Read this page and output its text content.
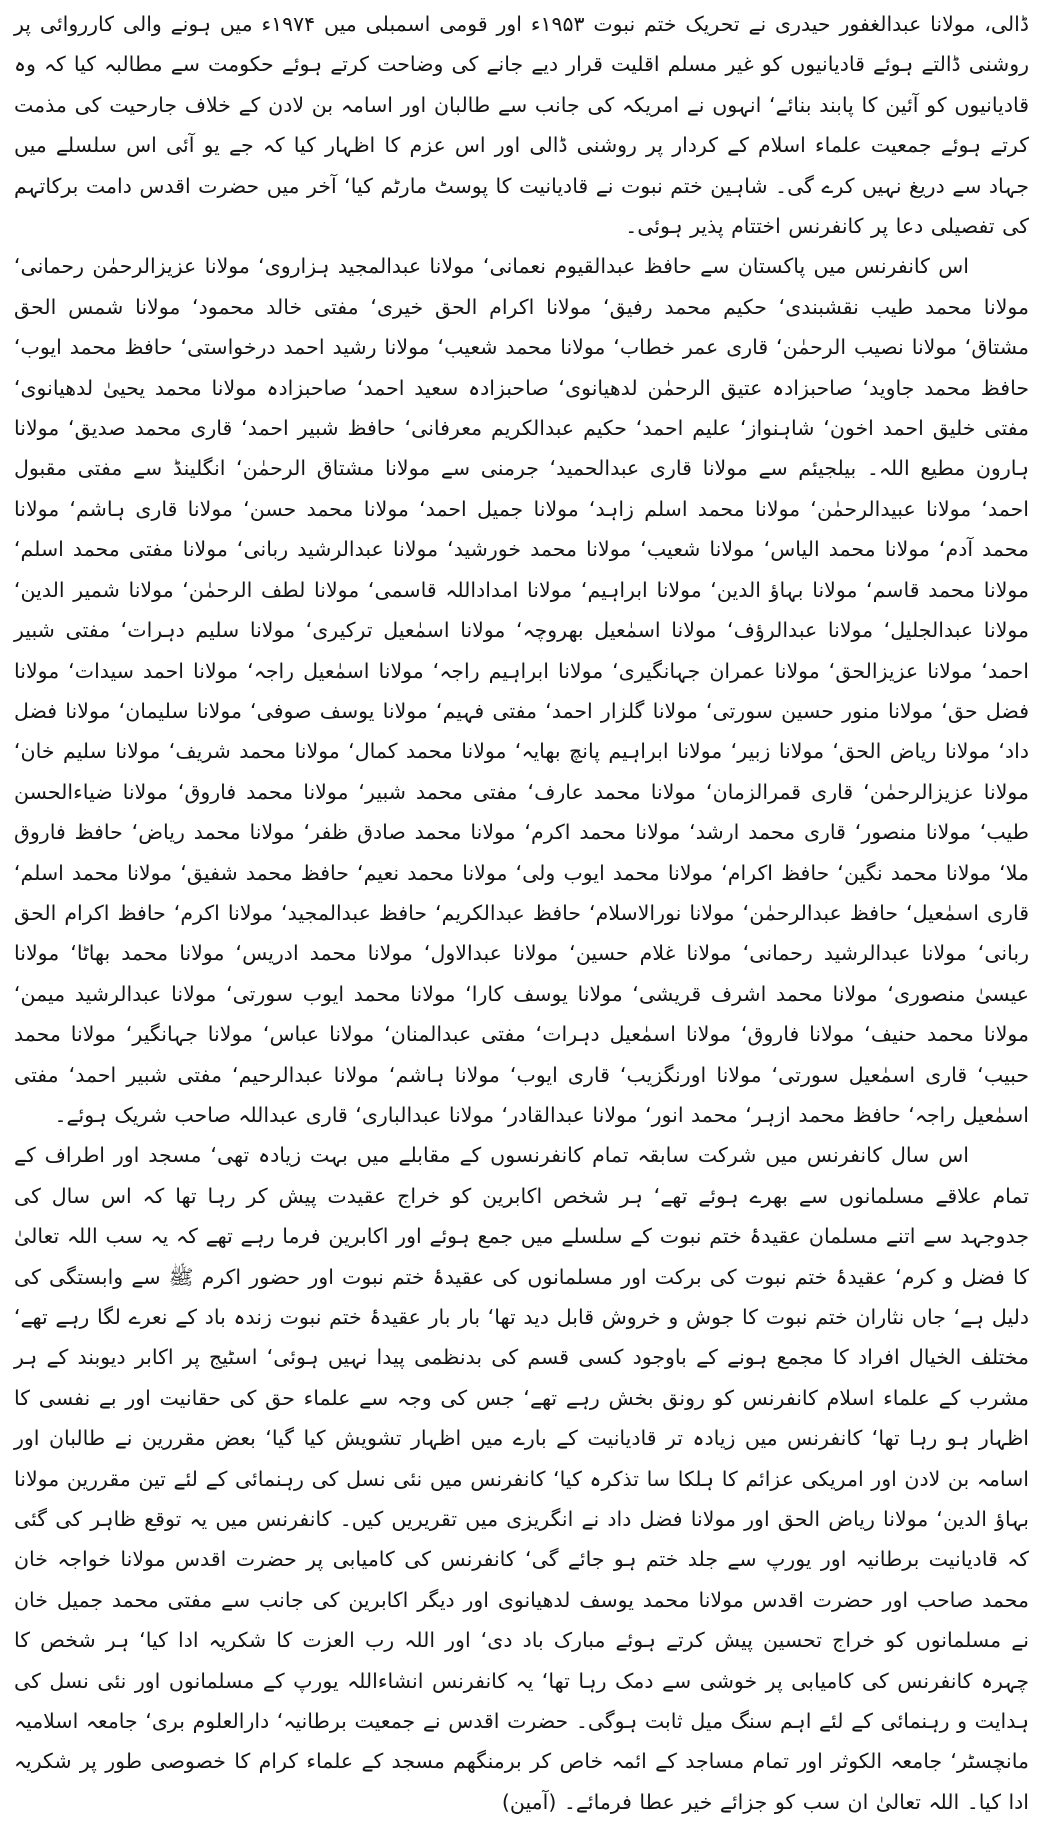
ڈالی، مولانا عبدالغفور حیدری نے تحریک ختم نبوت ۱۹۵۳ء اور قومی اسمبلی میں ۱۹۷۴ء میں ہونے والی کارروائی پر روشنی ڈالتے ہوئے قادیانیوں کو غیر مسلم اقلیت قرار دیے جانے کی وضاحت کرتے ہوئے حکومت سے مطالبہ کیا کہ وہ قادیانیوں کو آئین کا پابند بنائے‘ انہوں نے امریکہ کی جانب سے طالبان اور اسامہ بن لادن کے خلاف جارحیت کی مذمت کرتے ہوئے جمعیت علماء اسلام کے کردار پر روشنی ڈالی اور اس عزم کا اظہار کیا کہ جے یو آئی اس سلسلے میں جہاد سے دریغ نہیں کرے گی۔ شاہین ختم نبوت نے قادیانیت کا پوسٹ مارٹم کیا‘ آخر میں حضرت اقدس دامت برکاتہم کی تفصیلی دعا پر کانفرنس اختتام پذیر ہوئی۔

اس کانفرنس میں پاکستان سے حافظ عبدالقیوم نعمانی‘ مولانا عبدالمجید ہزاروی‘ مولانا عزیزالرحمٰن رحمانی‘ مولانا محمد طیب نقشبندی‘ حکیم محمد رفیق‘ مولانا اکرام الحق خیری‘ مفتی خالد محمود‘ مولانا شمس الحق مشتاق‘ مولانا نصیب الرحمٰن‘ قاری عمر خطاب‘ مولانا محمد شعیب‘ مولانا رشید احمد درخواستی‘ حافظ محمد ایوب‘ حافظ محمد جاوید‘ صاحبزادہ عتیق الرحمٰن لدھیانوی‘ صاحبزادہ سعید احمد‘ صاحبزادہ مولانا محمد یحییٰ لدھیانوی‘ مفتی خلیق احمد اخون‘ شاہنواز‘ علیم احمد‘ حکیم عبدالکریم معرفانی‘ حافظ شبیر احمد‘ قاری محمد صدیق‘ مولانا ہارون مطیع اللہ۔ بیلجیئم سے مولانا قاری عبدالحمید‘ جرمنی سے مولانا مشتاق الرحمٰن‘ انگلینڈ سے مفتی مقبول احمد‘ مولانا عبیدالرحمٰن‘ مولانا محمد اسلم زاہد‘ مولانا جمیل احمد‘ مولانا محمد حسن‘ مولانا قاری ہاشم‘ مولانا محمد آدم‘ مولانا محمد الیاس‘ مولانا شعیب‘ مولانا محمد خورشید‘ مولانا عبدالرشید ربانی‘ مولانا مفتی محمد اسلم‘ مولانا محمد قاسم‘ مولانا بہاؤ الدین‘ مولانا ابراہیم‘ مولانا امداداللہ قاسمی‘ مولانا لطف الرحمٰن‘ مولانا شمیر الدین‘ مولانا عبدالجلیل‘ مولانا عبدالرؤف‘ مولانا اسمٰعیل بھروچہ‘ مولانا اسمٰعیل ترکیری‘ مولانا سلیم دہرات‘ مفتی شبیر احمد‘ مولانا عزیزالحق‘ مولانا عمران جہانگیری‘ مولانا ابراہیم راجہ‘ مولانا اسمٰعیل راجہ‘ مولانا احمد سیدات‘ مولانا فضل حق‘ مولانا منور حسین سورتی‘ مولانا گلزار احمد‘ مفتی فہیم‘ مولانا یوسف صوفی‘ مولانا سلیمان‘ مولانا فضل داد‘ مولانا ریاض الحق‘ مولانا زبیر‘ مولانا ابراہیم پانچ بھایہ‘ مولانا محمد کمال‘ مولانا محمد شریف‘ مولانا سلیم خان‘ مولانا عزیزالرحمٰن‘ قاری قمرالزمان‘ مولانا محمد عارف‘ مفتی محمد شبیر‘ مولانا محمد فاروق‘ مولانا ضیاءالحسن طیب‘ مولانا منصور‘ قاری محمد ارشد‘ مولانا محمد اکرم‘ مولانا محمد صادق ظفر‘ مولانا محمد ریاض‘ حافظ فاروق ملا‘ مولانا محمد نگین‘ حافظ اکرام‘ مولانا محمد ایوب ولی‘ مولانا محمد نعیم‘ حافظ محمد شفیق‘ مولانا محمد اسلم‘ قاری اسمٰعیل‘ حافظ عبدالرحمٰن‘ مولانا نورالاسلام‘ حافظ عبدالکریم‘ حافظ عبدالمجید‘ مولانا اکرم‘ حافظ اکرام الحق ربانی‘ مولانا عبدالرشید رحمانی‘ مولانا غلام حسین‘ مولانا عبدالاول‘ مولانا محمد ادریس‘ مولانا محمد بھاٹا‘ مولانا عیسیٰ منصوری‘ مولانا محمد اشرف قریشی‘ مولانا یوسف کارا‘ مولانا محمد ایوب سورتی‘ مولانا عبدالرشید میمن‘ مولانا محمد حنیف‘ مولانا فاروق‘ مولانا اسمٰعیل دہرات‘ مفتی عبدالمنان‘ مولانا عباس‘ مولانا جہانگیر‘ مولانا محمد حبیب‘ قاری اسمٰعیل سورتی‘ مولانا اورنگزیب‘ قاری ایوب‘ مولانا ہاشم‘ مولانا عبدالرحیم‘ مفتی شبیر احمد‘ مفتی اسمٰعیل راجہ‘ حافظ محمد ازہر‘ محمد انور‘ مولانا عبدالقادر‘ مولانا عبدالباری‘ قاری عبداللہ صاحب شریک ہوئے۔

اس سال کانفرنس میں شرکت سابقہ تمام کانفرنسوں کے مقابلے میں بہت زیادہ تھی‘ مسجد اور اطراف کے تمام علاقے مسلمانوں سے بھرے ہوئے تھے‘ ہر شخص اکابرین کو خراج عقیدت پیش کر رہا تھا کہ اس سال کی جدوجہد سے اتنے مسلمان عقیدۂ ختم نبوت کے سلسلے میں جمع ہوئے اور اکابرین فرما رہے تھے کہ یہ سب اللہ تعالیٰ کا فضل و کرم‘ عقیدۂ ختم نبوت کی برکت اور مسلمانوں کی عقیدۂ ختم نبوت اور حضور اکرم ﷺ سے وابستگی کی دلیل ہے‘ جاں نثاران ختم نبوت کا جوش و خروش قابل دید تھا‘ بار بار عقیدۂ ختم نبوت زندہ باد کے نعرے لگا رہے تھے‘ مختلف الخیال افراد کا مجمع ہونے کے باوجود کسی قسم کی بدنظمی پیدا نہیں ہوئی‘ اسٹیج پر اکابر دیوبند کے ہر مشرب کے علماء اسلام کانفرنس کو رونق بخش رہے تھے‘ جس کی وجہ سے علماء حق کی حقانیت اور بے نفسی کا اظہار ہو رہا تھا‘ کانفرنس میں زیادہ تر قادیانیت کے بارے میں اظہار تشویش کیا گیا‘ بعض مقررین نے طالبان اور اسامہ بن لادن اور امریکی عزائم کا ہلکا سا تذکرہ کیا‘ کانفرنس میں نئی نسل کی رہنمائی کے لئے تین مقررین مولانا بہاؤ الدین‘ مولانا ریاض الحق اور مولانا فضل داد نے انگریزی میں تقریریں کیں۔ کانفرنس میں یہ توقع ظاہر کی گئی کہ قادیانیت برطانیہ اور یورپ سے جلد ختم ہو جائے گی‘ کانفرنس کی کامیابی پر حضرت اقدس مولانا خواجہ خان محمد صاحب اور حضرت اقدس مولانا محمد یوسف لدھیانوی اور دیگر اکابرین کی جانب سے مفتی محمد جمیل خان نے مسلمانوں کو خراج تحسین پیش کرتے ہوئے مبارک باد دی‘ اور اللہ رب العزت کا شکریہ ادا کیا‘ ہر شخص کا چہرہ کانفرنس کی کامیابی پر خوشی سے دمک رہا تھا‘ یہ کانفرنس انشاءاللہ یورپ کے مسلمانوں اور نئی نسل کی ہدایت و رہنمائی کے لئے اہم سنگ میل ثابت ہوگی۔ حضرت اقدس نے جمعیت برطانیہ‘ دارالعلوم بری‘ جامعہ اسلامیہ مانچسٹر‘ جامعہ الکوثر اور تمام مساجد کے ائمہ خاص کر برمنگھم مسجد کے علماء کرام کا خصوصی طور پر شکریہ ادا کیا۔ اللہ تعالیٰ ان سب کو جزائے خیر عطا فرمائے۔ (آمین)
